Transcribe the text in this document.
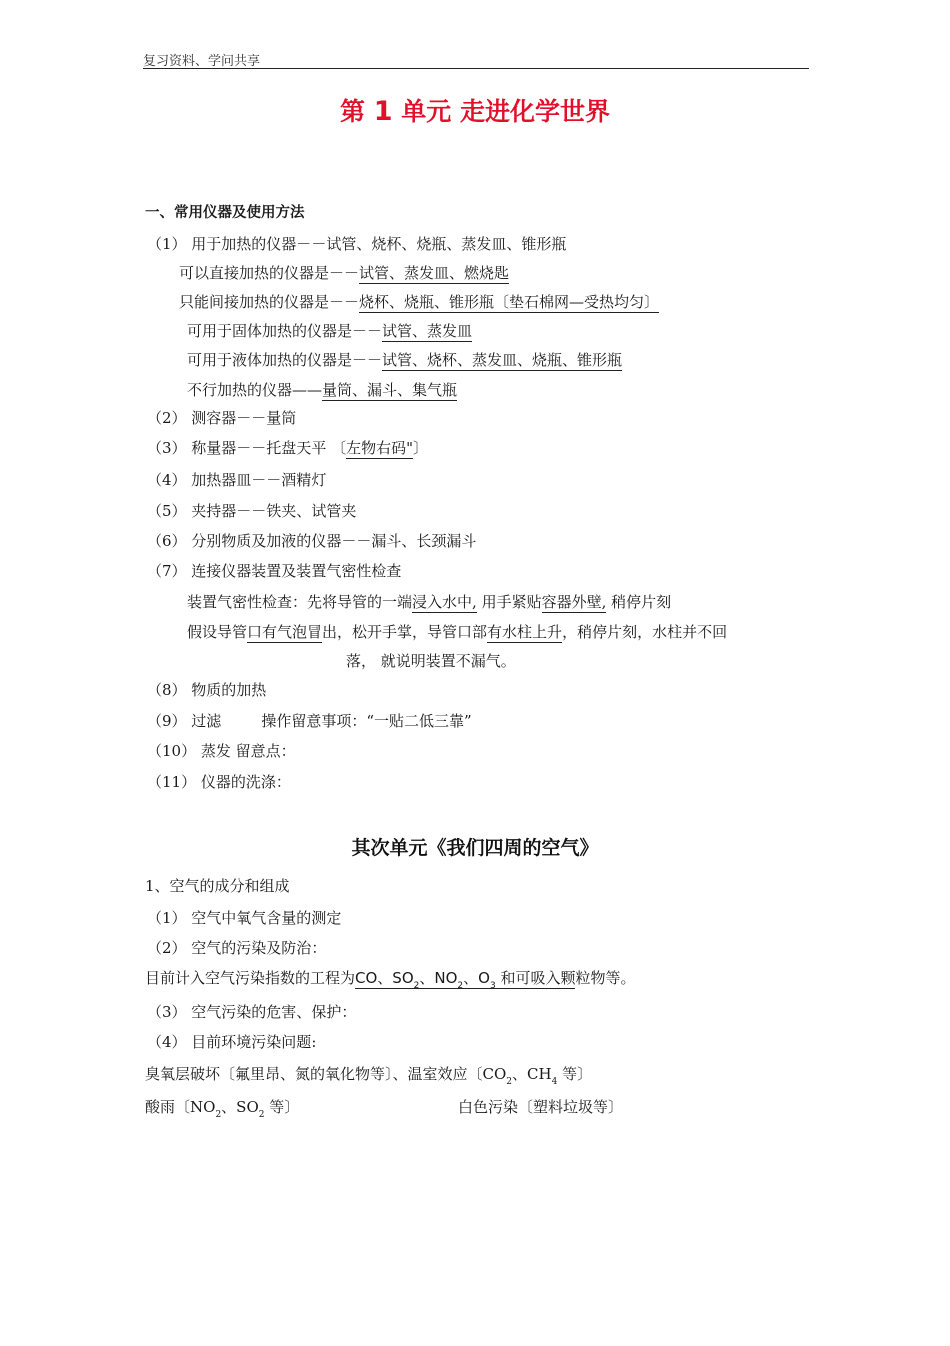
复习资料、学问共享
第 1 单元 走进化学世界
一、常用仪器及使用方法
（1） 用于加热的仪器－－试管、烧杯、烧瓶、蒸发皿、锥形瓶
可以直接加热的仪器是－－试管、蒸发皿、燃烧匙
只能间接加热的仪器是－－烧杯、烧瓶、锥形瓶〔垫石棉网—受热均匀〕
可用于固体加热的仪器是－－试管、蒸发皿
可用于液体加热的仪器是－－试管、烧杯、蒸发皿、烧瓶、锥形瓶
不行加热的仪器——量筒、漏斗、集气瓶
（2） 测容器－－量筒
（3） 称量器－－托盘天平 〔左物右码"〕
（4） 加热器皿－－酒精灯
（5） 夹持器－－铁夹、试管夹
（6） 分别物质及加液的仪器－－漏斗、长颈漏斗
（7） 连接仪器装置及装置气密性检查
装置气密性检查：先将导管的一端浸入水中, 用手紧贴容器外壁, 稍停片刻
假设导管口有气泡冒出，松开手掌，导管口部有水柱上升，稍停片刻，水柱并不回
落， 就说明装置不漏气。
（8） 物质的加热
（9） 过滤	操作留意事项：“一贴二低三靠”
（10） 蒸发 留意点：
（11） 仪器的洗涤：
其次单元《我们四周的空气》
1、空气的成分和组成
（1） 空气中氧气含量的测定
（2） 空气的污染及防治：
目前计入空气污染指数的工程为CO、$SO_2$、$NO_2$、$O_3$ 和可吸入颗粒物等。
（3） 空气污染的危害、保护：
（4） 目前环境污染问题:
臭氧层破坏〔氟里昂、氮的氧化物等〕、温室效应〔$CO_2$、$CH_4$ 等〕
酸雨〔$NO_2$、$SO_2$ 等〕	白色污染〔塑料垃圾等〕
